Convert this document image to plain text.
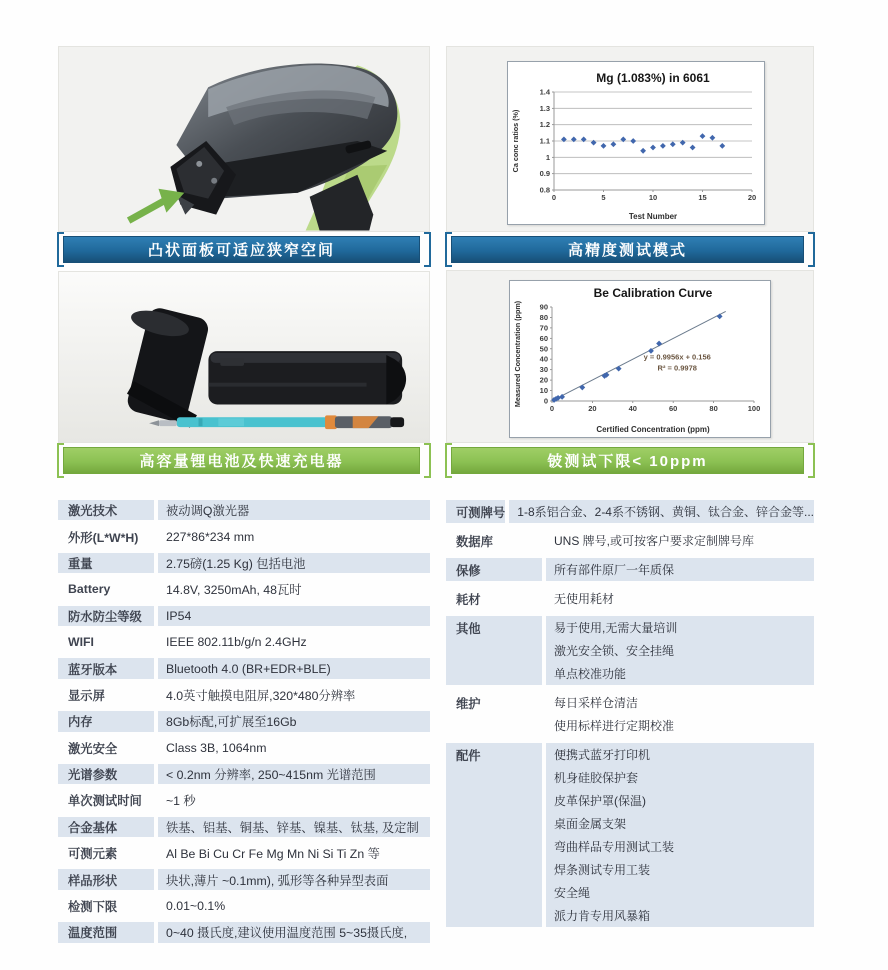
凸状面板可适应狭窄空间
高容量锂电池及快速充电器
激光技术	被动调Q激光器
外形(L*W*H)	227*86*234 mm
重量	2.75磅(1.25 Kg) 包括电池
Battery	14.8V, 3250mAh, 48瓦时
防水防尘等级	IP54
WIFI	IEEE 802.11b/g/n 2.4GHz
蓝牙版本	Bluetooth 4.0 (BR+EDR+BLE)
显示屏	4.0英寸触摸电阻屏,320*480分辨率
内存	8Gb标配,可扩展至16Gb
激光安全	Class 3B, 1064nm
光谱参数	< 0.2nm 分辨率, 250~415nm 光谱范围
单次测试时间	~1 秒
合金基体	铁基、铝基、铜基、锌基、镍基、钛基, 及定制
可测元素	Al Be Bi Cu Cr Fe Mg Mn Ni Si Ti Zn 等
样品形状	块状,薄片 ~0.1mm), 弧形等各种异型表面
检测下限	0.01~0.1%
温度范围	0~40 摄氏度,建议使用温度范围 5~35摄氏度,
0.8
0.9
1
1.1
1.2
1.3
1.4
0	5	10	15	20
Mg (1.083%) in 6061
Test Number
Ca conc ratios (%)
高精度测试模式
0
10
20
30
40
50
60
70
80
90
0	20	40	60	80	100
Be Calibration Curve
Certified Concentration (ppm)
Measured Concentration (ppm)	y = 0.9956x + 0.156
R² = 0.9978
铍测试下限< 10ppm
可测牌号 1-8系铝合金、2-4系不锈钢、黄铜、钛合金、锌合金等...
数据库	UNS 牌号,或可按客户要求定制牌号库
保修	所有部件原厂一年质保
耗材	无使用耗材
其他	易于使用,无需大量培训
激光安全锁、安全挂绳
单点校准功能
维护	每日采样仓清洁
使用标样进行定期校准
配件	便携式蓝牙打印机
机身硅胶保护套
皮革保护罩(保温)
桌面金属支架
弯曲样品专用测试工装
焊条测试专用工装
安全绳
派力肯专用风暴箱
